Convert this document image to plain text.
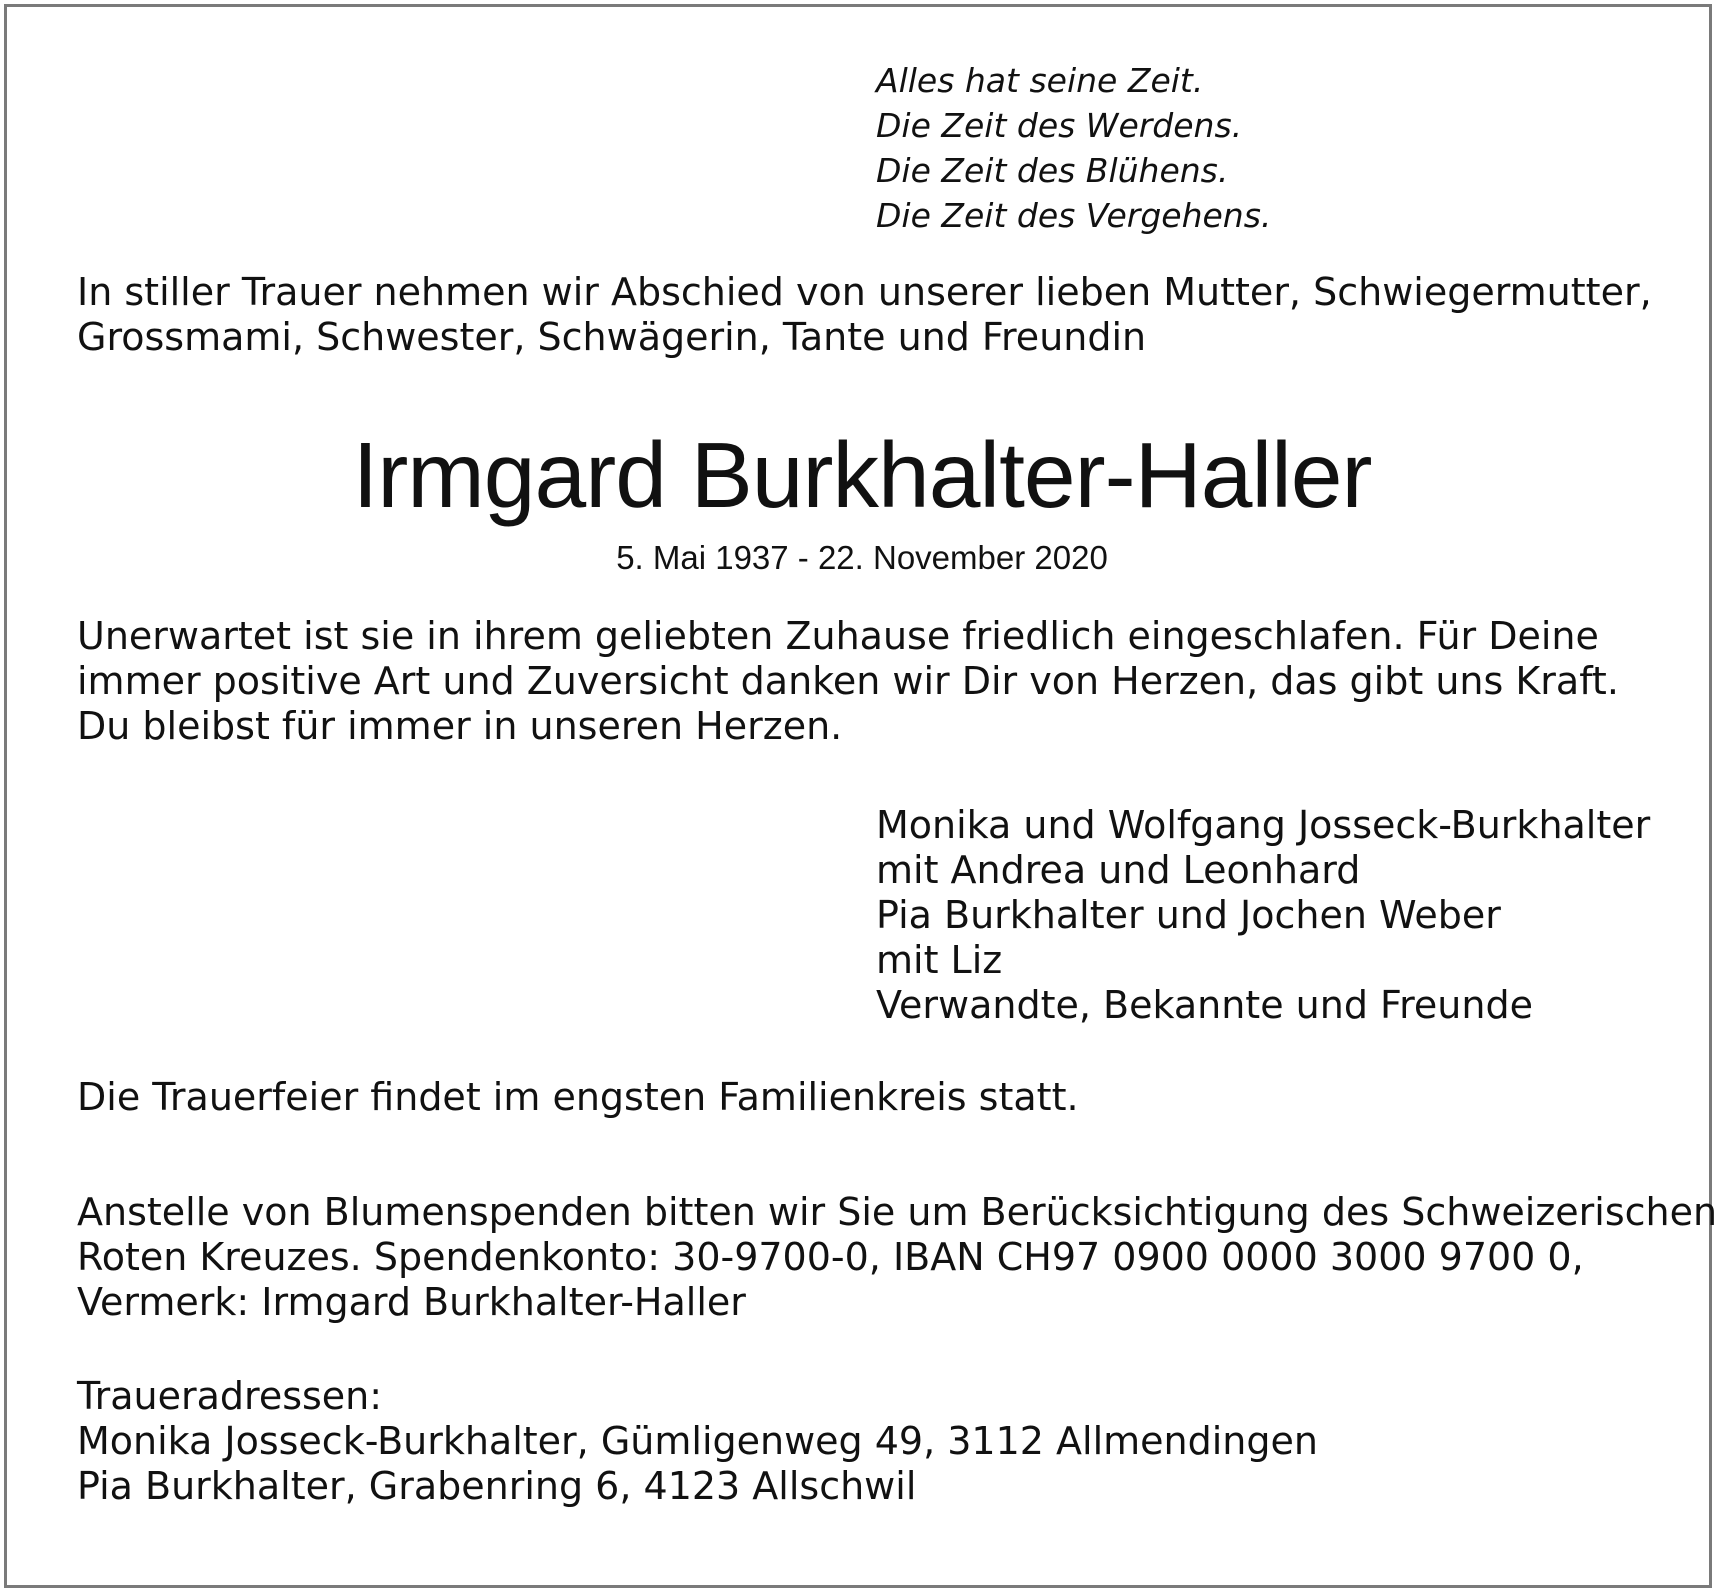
Alles hat seine Zeit.
Die Zeit des Werdens.
Die Zeit des Blühens.
Die Zeit des Vergehens.
In stiller Trauer nehmen wir Abschied von unserer lieben Mutter, Schwiegermutter,
Grossmami, Schwester, Schwägerin, Tante und Freundin
Irmgard Burkhalter-Haller
5. Mai 1937 - 22. November 2020
Unerwartet ist sie in ihrem geliebten Zuhause friedlich eingeschlafen. Für Deine
immer positive Art und Zuversicht danken wir Dir von Herzen, das gibt uns Kraft.
Du bleibst für immer in unseren Herzen.
Monika und Wolfgang Josseck-Burkhalter
mit Andrea und Leonhard
Pia Burkhalter und Jochen Weber
mit Liz
Verwandte, Bekannte und Freunde
Die Trauerfeier findet im engsten Familienkreis statt.
Anstelle von Blumenspenden bitten wir Sie um Berücksichtigung des Schweizerischen
Roten Kreuzes. Spendenkonto: 30-9700-0, IBAN CH97 0900 0000 3000 9700 0,
Vermerk: Irmgard Burkhalter-Haller
Traueradressen:
Monika Josseck-Burkhalter, Gümligenweg 49, 3112 Allmendingen
Pia Burkhalter, Grabenring 6, 4123 Allschwil
